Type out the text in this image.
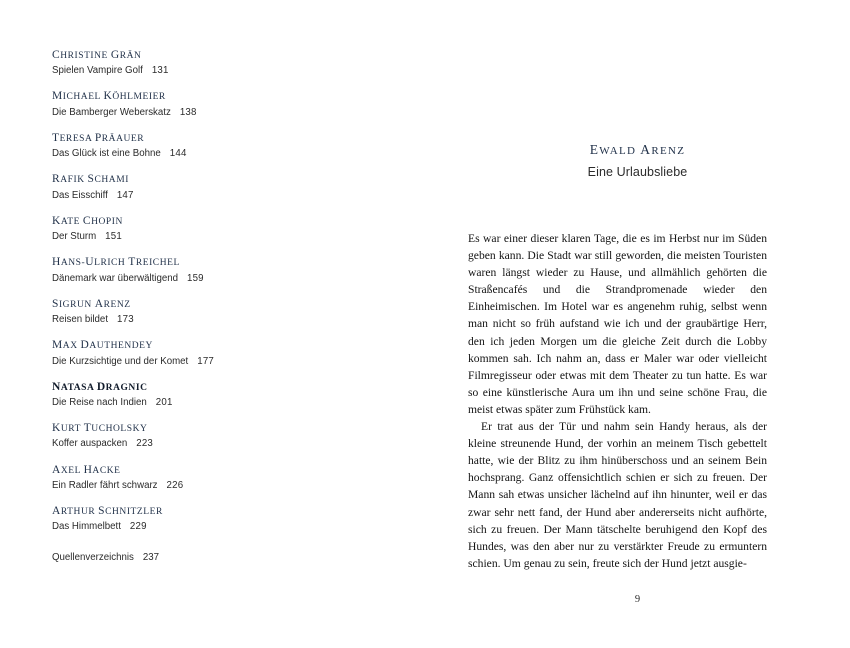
CHRISTINE GRÄN
Spielen Vampire Golf 131
MICHAEL KÖHLMEIER
Die Bamberger Weberskatz 138
TERESA PRÄAUER
Das Glück ist eine Bohne 144
RAFIK SCHAMI
Das Eisschiff 147
KATE CHOPIN
Der Sturm 151
HANS-ULRICH TREICHEL
Dänemark war überwältigend 159
SIGRUN ARENZ
Reisen bildet 173
MAX DAUTHENDEY
Die Kurzsichtige und der Komet 177
NATASA DRAGNIC
Die Reise nach Indien 201
KURT TUCHOLSKY
Koffer auspacken 223
AXEL HACKE
Ein Radler fährt schwarz 226
ARTHUR SCHNITZLER
Das Himmelbett 229
Quellenverzeichnis 237
EWALD ARENZ
Eine Urlaubsliebe

Es war einer dieser klaren Tage, die es im Herbst nur im Süden geben kann. Die Stadt war still geworden, die meisten Touristen waren längst wieder zu Hause, und allmählich gehörten die Straßencafés und die Strandpromenade wieder den Einheimischen. Im Hotel war es angenehm ruhig, selbst wenn man nicht so früh aufstand wie ich und der graubärtige Herr, den ich jeden Morgen um die gleiche Zeit durch die Lobby kommen sah. Ich nahm an, dass er Maler war oder vielleicht Filmregisseur oder etwas mit dem Theater zu tun hatte. Es war so eine künstlerische Aura um ihn und seine schöne Frau, die meist etwas später zum Frühstück kam.

Er trat aus der Tür und nahm sein Handy heraus, als der kleine streunende Hund, der vorhin an meinem Tisch gebettelt hatte, wie der Blitz zu ihm hinüberschoss und an seinem Bein hochsprang. Ganz offensichtlich schien er sich zu freuen. Der Mann sah etwas unsicher lächelnd auf ihn hinunter, weil er das zwar sehr nett fand, der Hund aber andererseits nicht aufhörte, sich zu freuen. Der Mann tätschelte beruhigend den Kopf des Hundes, was den aber nur zu verstärkter Freude zu ermuntern schien. Um genau zu sein, freute sich der Hund jetzt ausgie-

9
